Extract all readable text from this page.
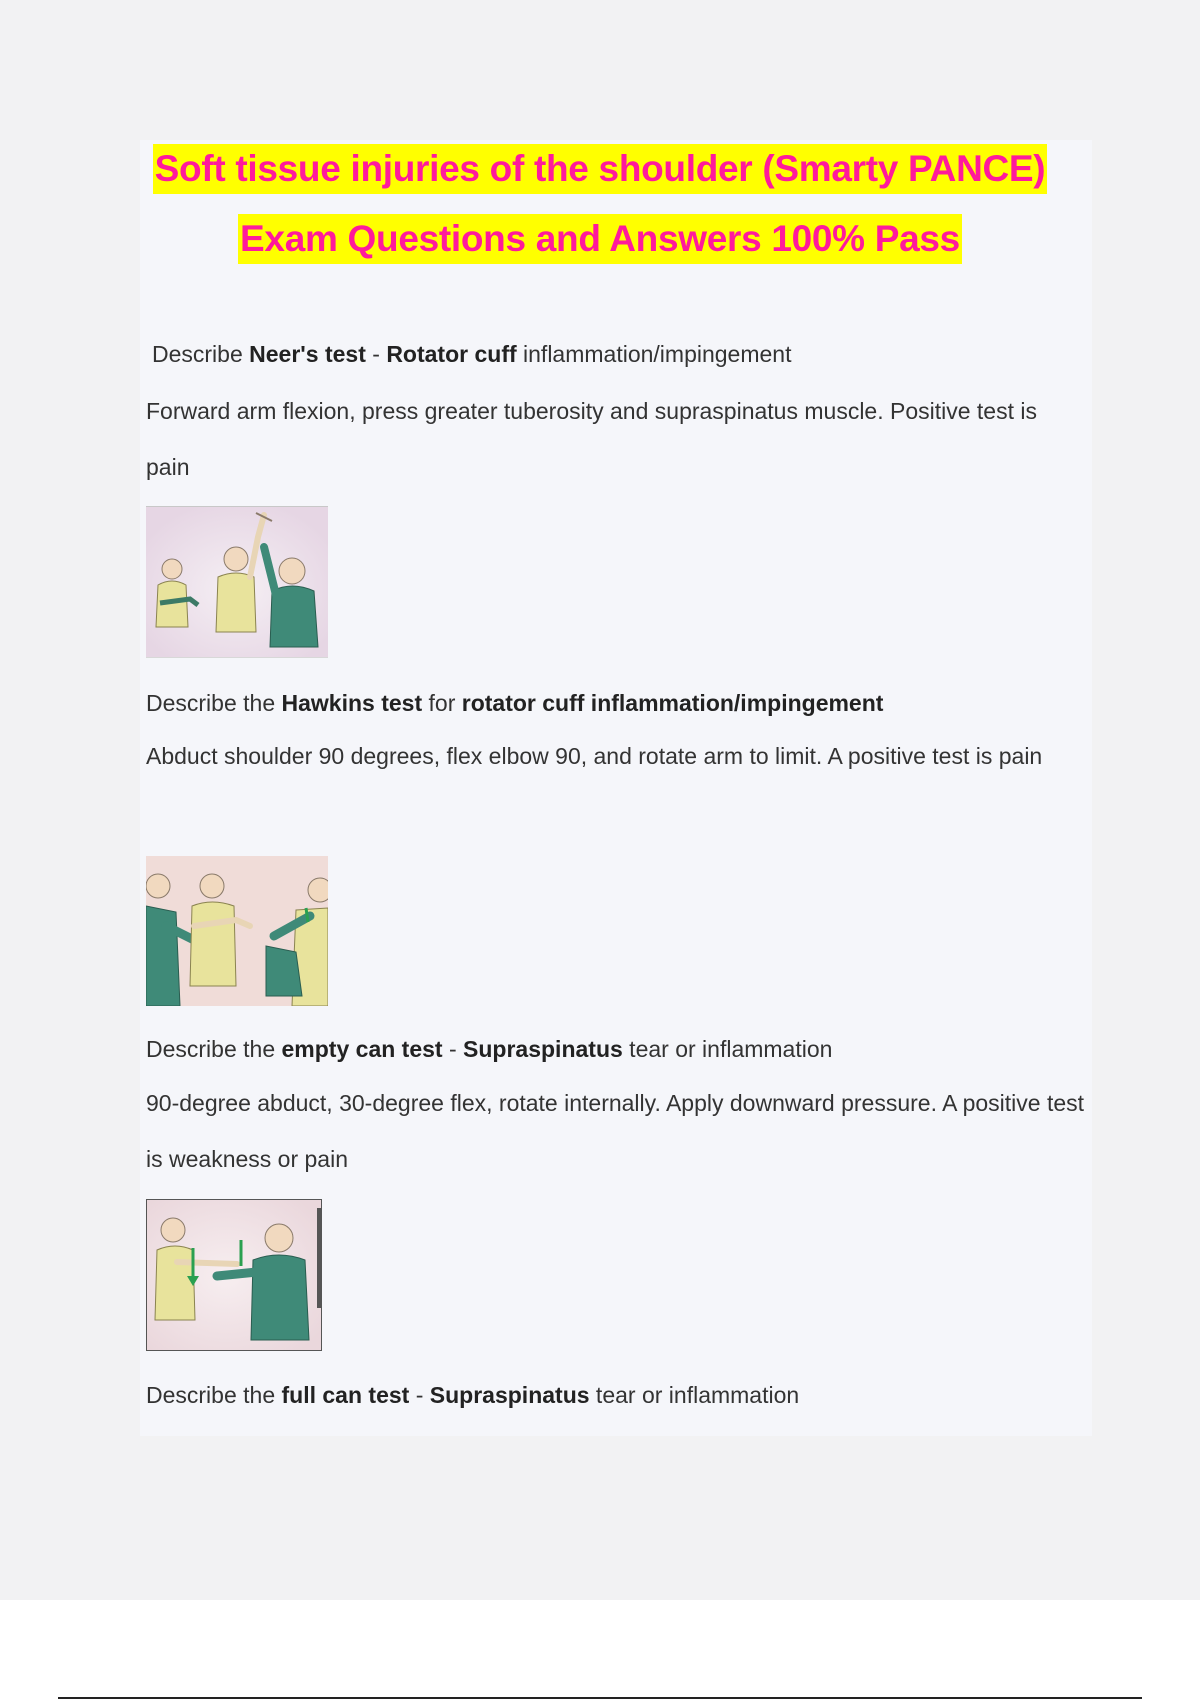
Soft tissue injuries of the shoulder (Smarty PANCE)
Exam Questions and Answers 100% Pass
Describe Neer's test - Rotator cuff inflammation/impingement
Forward arm flexion, press greater tuberosity and supraspinatus muscle. Positive test is pain
Describe the Hawkins test for rotator cuff inflammation/impingement
Abduct shoulder 90 degrees, flex elbow 90, and rotate arm to limit. A positive test is pain
Describe the empty can test - Supraspinatus tear or inflammation
90-degree abduct, 30-degree flex, rotate internally. Apply downward pressure. A positive test is weakness or pain
Describe the full can test - Supraspinatus tear or inflammation
